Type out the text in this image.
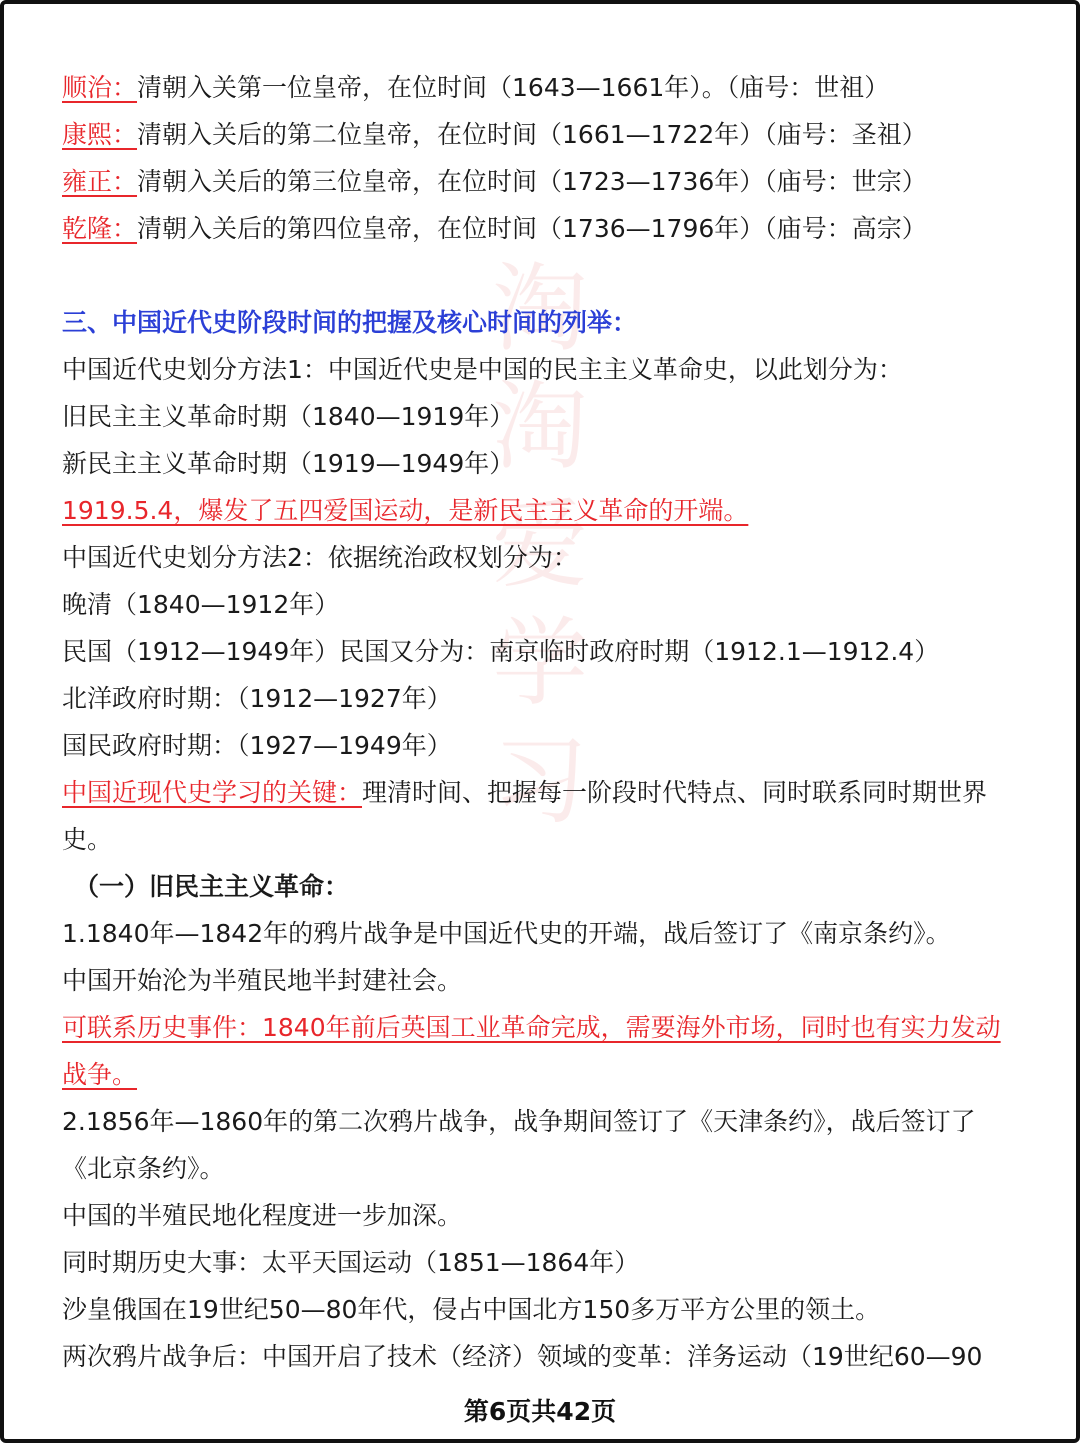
淘
淘
爱
学
习
顺治：清朝入关第一位皇帝，在位时间（1643—1661年）。（庙号：世祖）
康熙：清朝入关后的第二位皇帝，在位时间（1661—1722年）（庙号：圣祖）
雍正：清朝入关后的第三位皇帝，在位时间（1723—1736年）（庙号：世宗）
乾隆：清朝入关后的第四位皇帝，在位时间（1736—1796年）（庙号：高宗）
三、中国近代史阶段时间的把握及核心时间的列举：
中国近代史划分方法1：中国近代史是中国的民主主义革命史，以此划分为：
旧民主主义革命时期（1840—1919年）
新民主主义革命时期（1919—1949年）
1919.5.4，爆发了五四爱国运动，是新民主主义革命的开端。
中国近代史划分方法2：依据统治政权划分为：
晚清（1840—1912年）
民国（1912—1949年）民国又分为：南京临时政府时期（1912.1—1912.4）
北洋政府时期：（1912—1927年）
国民政府时期：（1927—1949年）
中国近现代史学习的关键：理清时间、把握每一阶段时代特点、同时联系同时期世界史。
（一）旧民主主义革命：
1.1840年—1842年的鸦片战争是中国近代史的开端，战后签订了《南京条约》。
中国开始沦为半殖民地半封建社会。
可联系历史事件：1840年前后英国工业革命完成，需要海外市场，同时也有实力发动战争。
2.1856年—1860年的第二次鸦片战争，战争期间签订了《天津条约》，战后签订了《北京条约》。
中国的半殖民地化程度进一步加深。
同时期历史大事：太平天国运动（1851—1864年）
沙皇俄国在19世纪50—80年代，侵占中国北方150多万平方公里的领土。
两次鸦片战争后：中国开启了技术（经济）领域的变革：洋务运动（19世纪60—90
第6页共42页
